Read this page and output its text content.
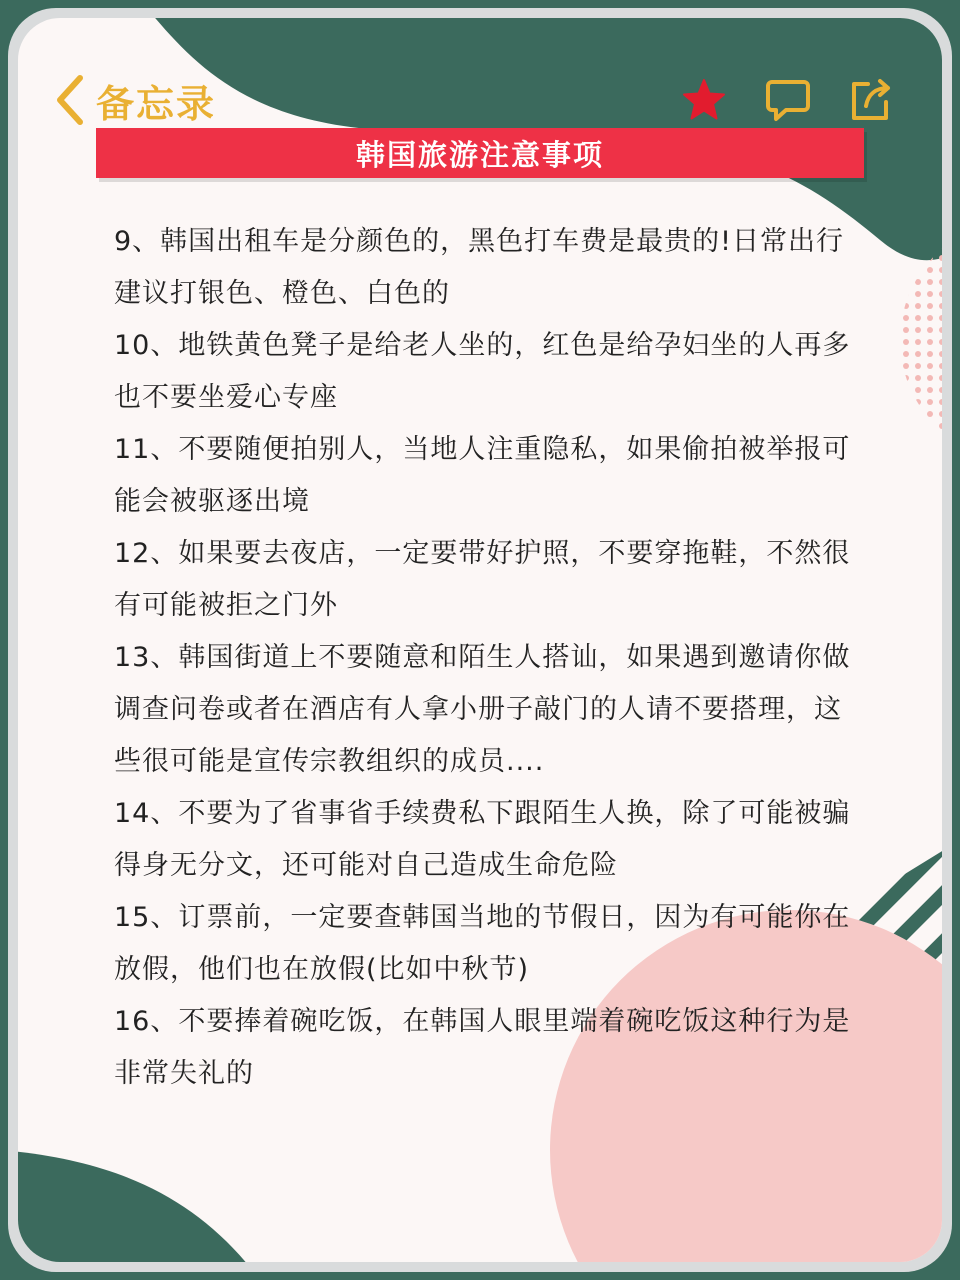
备忘录
韩国旅游注意事项

9、韩国出租车是分颜色的，黑色打车费是最贵的!日常出行建议打银色、橙色、白色的

10、地铁黄色凳子是给老人坐的，红色是给孕妇坐的人再多也不要坐爱心专座

11、不要随便拍别人，当地人注重隐私，如果偷拍被举报可能会被驱逐出境

12、如果要去夜店，一定要带好护照，不要穿拖鞋，不然很有可能被拒之门外

13、韩国街道上不要随意和陌生人搭讪，如果遇到邀请你做调查问卷或者在酒店有人拿小册子敲门的人请不要搭理，这些很可能是宣传宗教组织的成员....

14、不要为了省事省手续费私下跟陌生人换，除了可能被骗得身无分文，还可能对自己造成生命危险

15、订票前，一定要查韩国当地的节假日，因为有可能你在放假，他们也在放假(比如中秋节)

16、不要捧着碗吃饭，在韩国人眼里端着碗吃饭这种行为是非常失礼的
